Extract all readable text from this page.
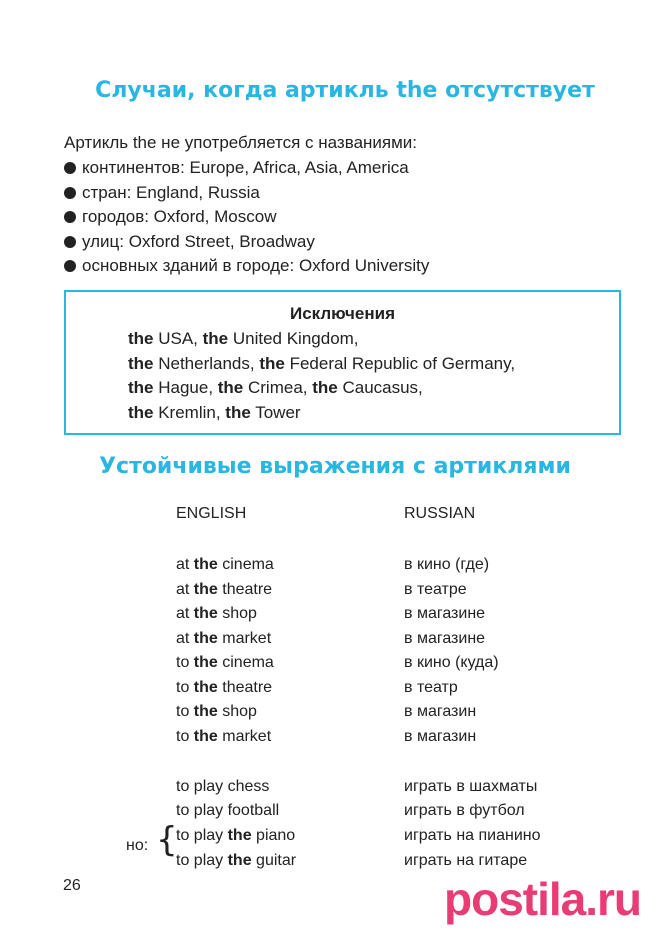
Случаи, когда артикль the отсутствует
Артикль the не употребляется с названиями:
континентов: Europe, Africa, Asia, America
стран: England, Russia
городов: Oxford, Moscow
улиц: Oxford Street, Broadway
основных зданий в городе: Oxford University
Исключения
the USA, the United Kingdom,
the Netherlands, the Federal Republic of Germany,
the Hague, the Crimea, the Caucasus,
the Kremlin, the Tower
Устойчивые выражения с артиклями
ENGLISH	RUSSIAN
at the cinema	в кино (где)
at the theatre	в театре
at the shop	в магазине
at the market	в магазине
to the cinema	в кино (куда)
to the theatre	в театр
to the shop	в магазин
to the market	в магазин
to play chess	играть в шахматы
to play football	играть в футбол
to play the piano	играть на пианино
to play the guitar	играть на гитаре
но: {
26	postila.ru
